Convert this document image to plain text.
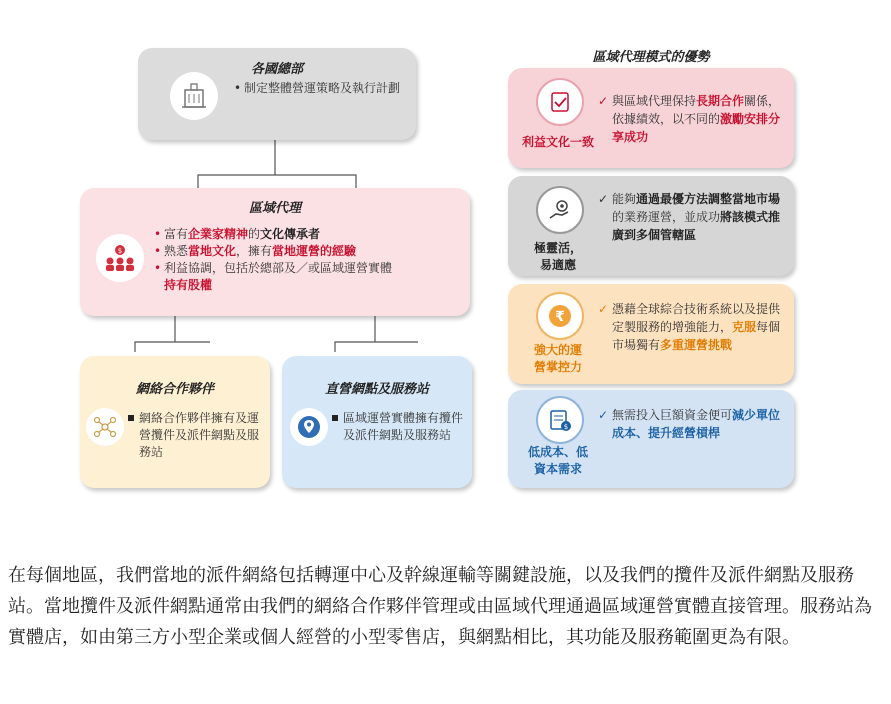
各國總部
• 制定整體營運策略及執行計劃
區域代理
$
• 富有企業家精神的文化傳承者
• 熟悉當地文化，擁有當地運營的經驗
• 利益協調，包括於總部及／或區域運營實體
持有股權
網絡合作夥伴
網絡合作夥伴擁有及運營攬件及派件網點及服務站
直營網點及服務站
區域運營實體擁有攬件及派件網點及服務站
區域代理模式的優勢
利益文化一致
✓ 與區域代理保持長期合作關係，依據績效，以不同的激勵安排分享成功
極靈活，
易適應
✓ 能夠通過最優方法調整當地市場的業務運營，並成功將該模式推廣到多個管轄區
₹
強大的運
營掌控力
✓ 憑藉全球綜合技術系統以及提供定製服務的增強能力，克服每個市場獨有多重運營挑戰
$
低成本、低
資本需求
✓ 無需投入巨額資金便可減少單位成本、提升經營槓桿
在每個地區，我們當地的派件網絡包括轉運中心及幹線運輸等關鍵設施，以及我們的攬件及派件網點及服務站。當地攬件及派件網點通常由我們的網絡合作夥伴管理或由區域代理通過區域運營實體直接管理。服務站為實體店，如由第三方小型企業或個人經營的小型零售店，與網點相比，其功能及服務範圍更為有限。
